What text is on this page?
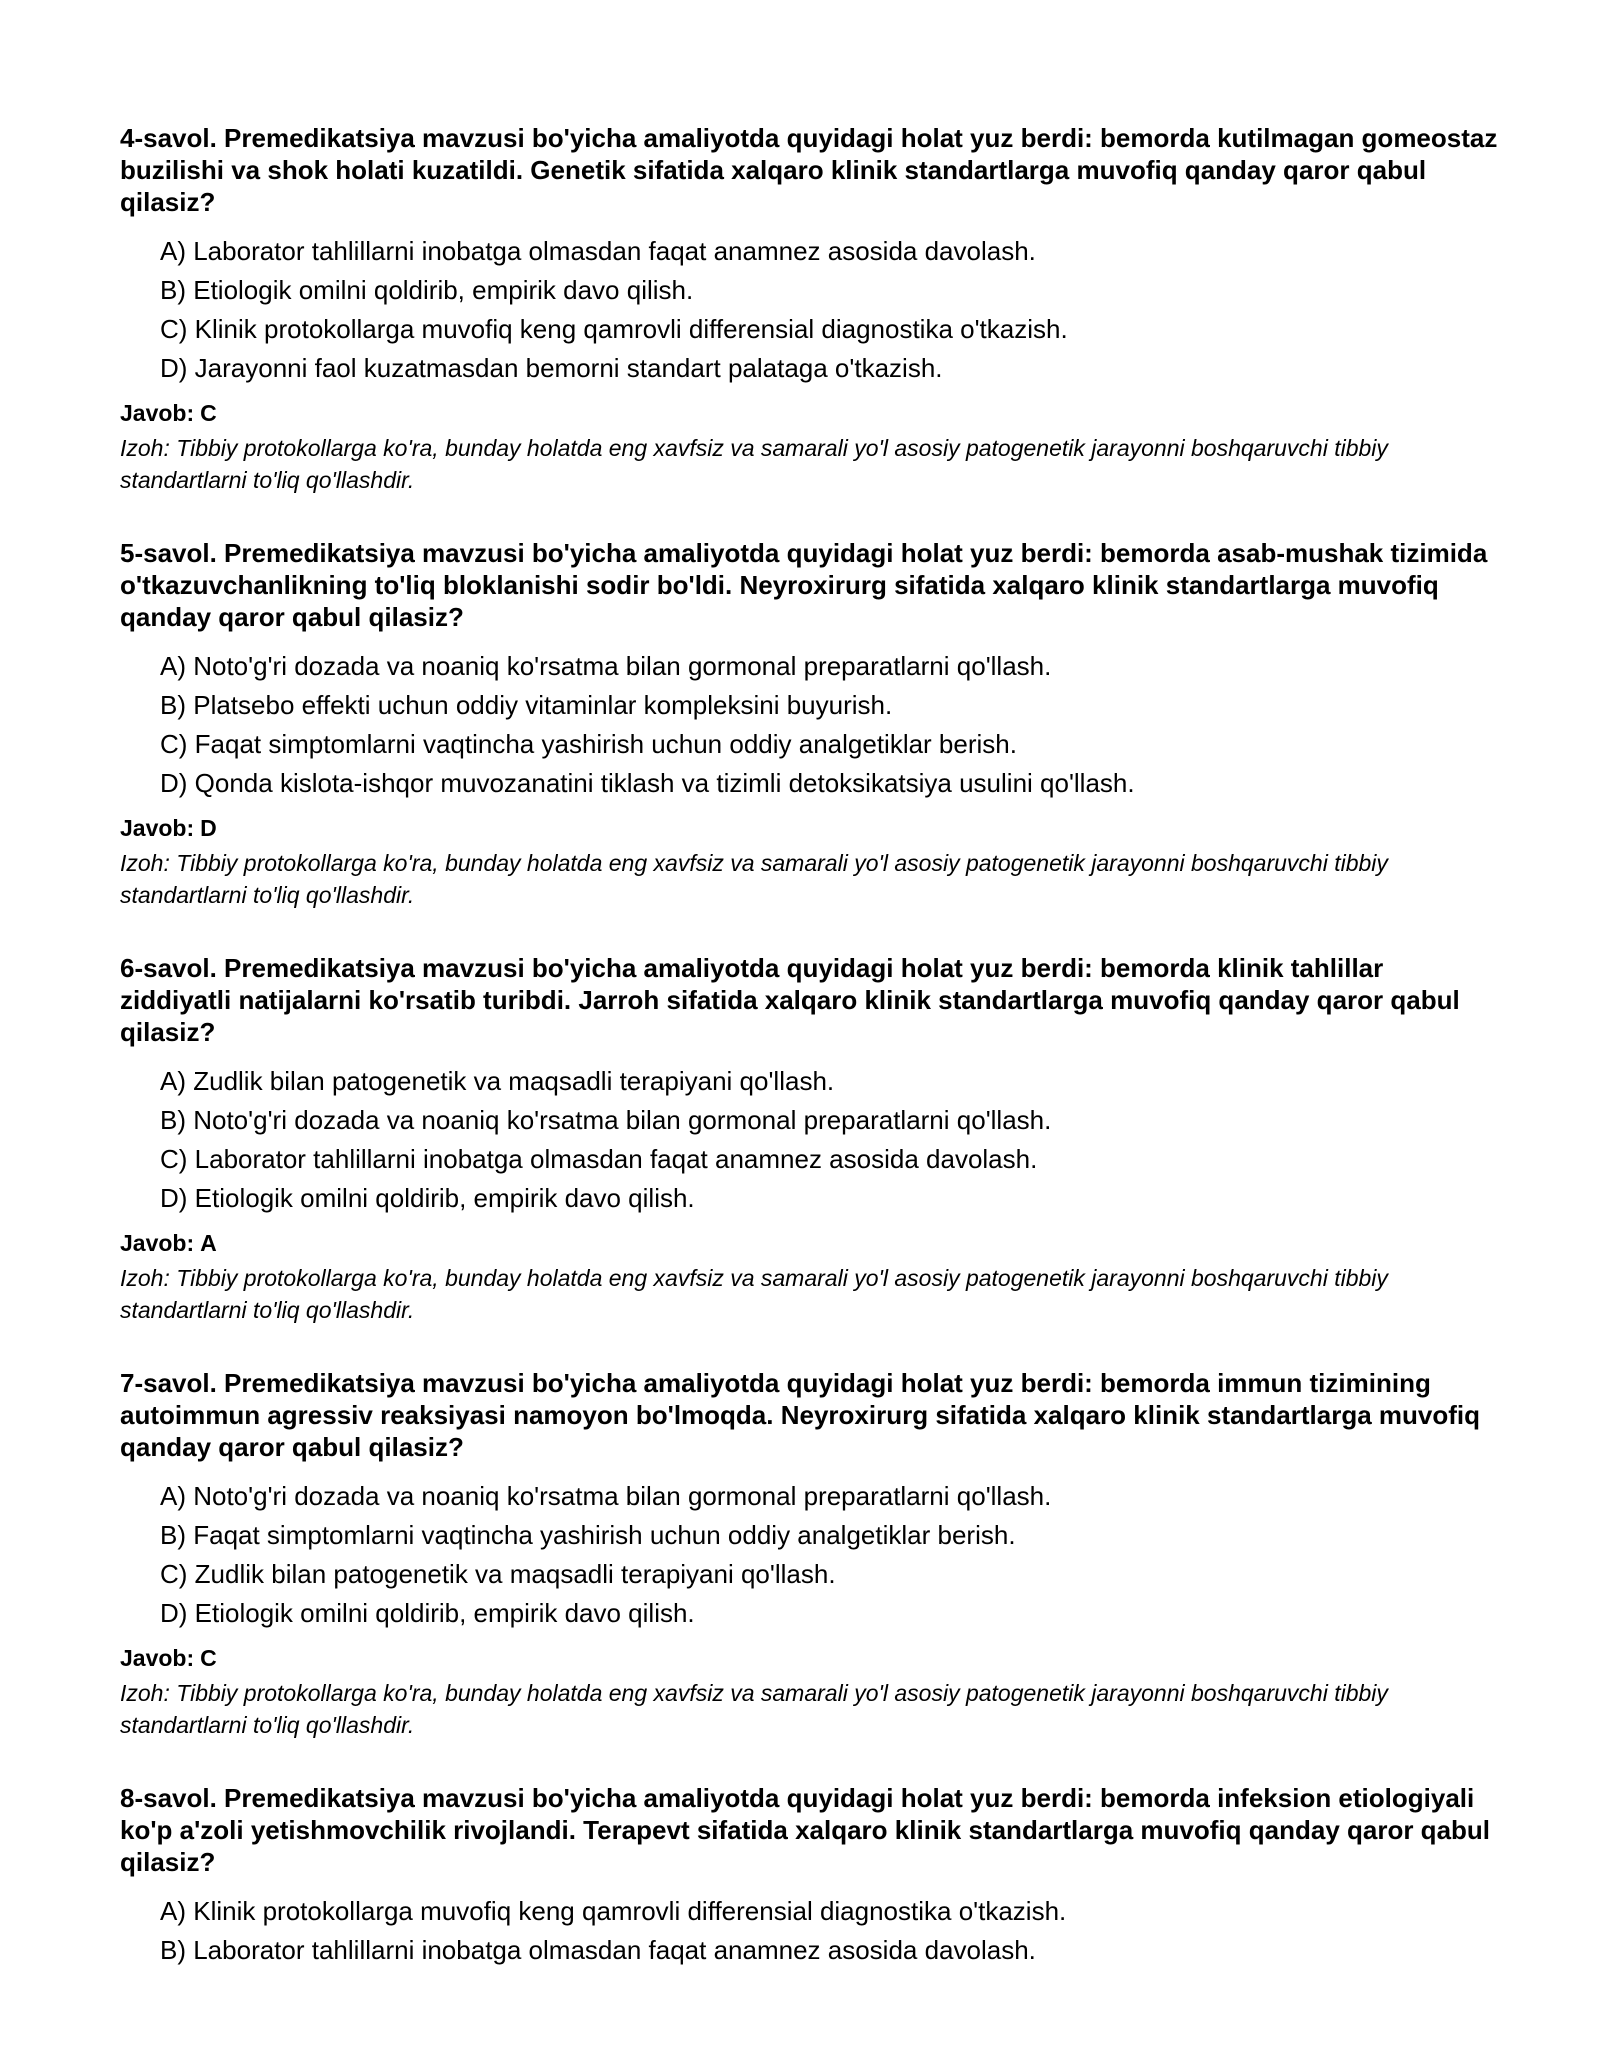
4-savol. Premedikatsiya mavzusi bo'yicha amaliyotda quyidagi holat yuz berdi: bemorda kutilmagan gomeostaz buzilishi va shok holati kuzatildi. Genetik sifatida xalqaro klinik standartlarga muvofiq qanday qaror qabul qilasiz?

A) Laborator tahlillarni inobatga olmasdan faqat anamnez asosida davolash.
B) Etiologik omilni qoldirib, empirik davo qilish.
C) Klinik protokollarga muvofiq keng qamrovli differensial diagnostika o'tkazish.
D) Jarayonni faol kuzatmasdan bemorni standart palataga o'tkazish.

Javob: C

Izoh: Tibbiy protokollarga ko'ra, bunday holatda eng xavfsiz va samarali yo'l asosiy patogenetik jarayonni boshqaruvchi tibbiy standartlarni to'liq qo'llashdir.

5-savol. Premedikatsiya mavzusi bo'yicha amaliyotda quyidagi holat yuz berdi: bemorda asab-mushak tizimida o'tkazuvchanlikning to'liq bloklanishi sodir bo'ldi. Neyroxirurg sifatida xalqaro klinik standartlarga muvofiq qanday qaror qabul qilasiz?

A) Noto'g'ri dozada va noaniq ko'rsatma bilan gormonal preparatlarni qo'llash.
B) Platsebo effekti uchun oddiy vitaminlar kompleksini buyurish.
C) Faqat simptomlarni vaqtincha yashirish uchun oddiy analgetiklar berish.
D) Qonda kislota-ishqor muvozanatini tiklash va tizimli detoksikatsiya usulini qo'llash.

Javob: D

Izoh: Tibbiy protokollarga ko'ra, bunday holatda eng xavfsiz va samarali yo'l asosiy patogenetik jarayonni boshqaruvchi tibbiy standartlarni to'liq qo'llashdir.

6-savol. Premedikatsiya mavzusi bo'yicha amaliyotda quyidagi holat yuz berdi: bemorda klinik tahlillar ziddiyatli natijalarni ko'rsatib turibdi. Jarroh sifatida xalqaro klinik standartlarga muvofiq qanday qaror qabul qilasiz?

A) Zudlik bilan patogenetik va maqsadli terapiyani qo'llash.
B) Noto'g'ri dozada va noaniq ko'rsatma bilan gormonal preparatlarni qo'llash.
C) Laborator tahlillarni inobatga olmasdan faqat anamnez asosida davolash.
D) Etiologik omilni qoldirib, empirik davo qilish.

Javob: A

Izoh: Tibbiy protokollarga ko'ra, bunday holatda eng xavfsiz va samarali yo'l asosiy patogenetik jarayonni boshqaruvchi tibbiy standartlarni to'liq qo'llashdir.

7-savol. Premedikatsiya mavzusi bo'yicha amaliyotda quyidagi holat yuz berdi: bemorda immun tizimining autoimmun agressiv reaksiyasi namoyon bo'lmoqda. Neyroxirurg sifatida xalqaro klinik standartlarga muvofiq qanday qaror qabul qilasiz?

A) Noto'g'ri dozada va noaniq ko'rsatma bilan gormonal preparatlarni qo'llash.
B) Faqat simptomlarni vaqtincha yashirish uchun oddiy analgetiklar berish.
C) Zudlik bilan patogenetik va maqsadli terapiyani qo'llash.
D) Etiologik omilni qoldirib, empirik davo qilish.

Javob: C

Izoh: Tibbiy protokollarga ko'ra, bunday holatda eng xavfsiz va samarali yo'l asosiy patogenetik jarayonni boshqaruvchi tibbiy standartlarni to'liq qo'llashdir.

8-savol. Premedikatsiya mavzusi bo'yicha amaliyotda quyidagi holat yuz berdi: bemorda infeksion etiologiyali ko'p a'zoli yetishmovchilik rivojlandi. Terapevt sifatida xalqaro klinik standartlarga muvofiq qanday qaror qabul qilasiz?

A) Klinik protokollarga muvofiq keng qamrovli differensial diagnostika o'tkazish.
B) Laborator tahlillarni inobatga olmasdan faqat anamnez asosida davolash.
